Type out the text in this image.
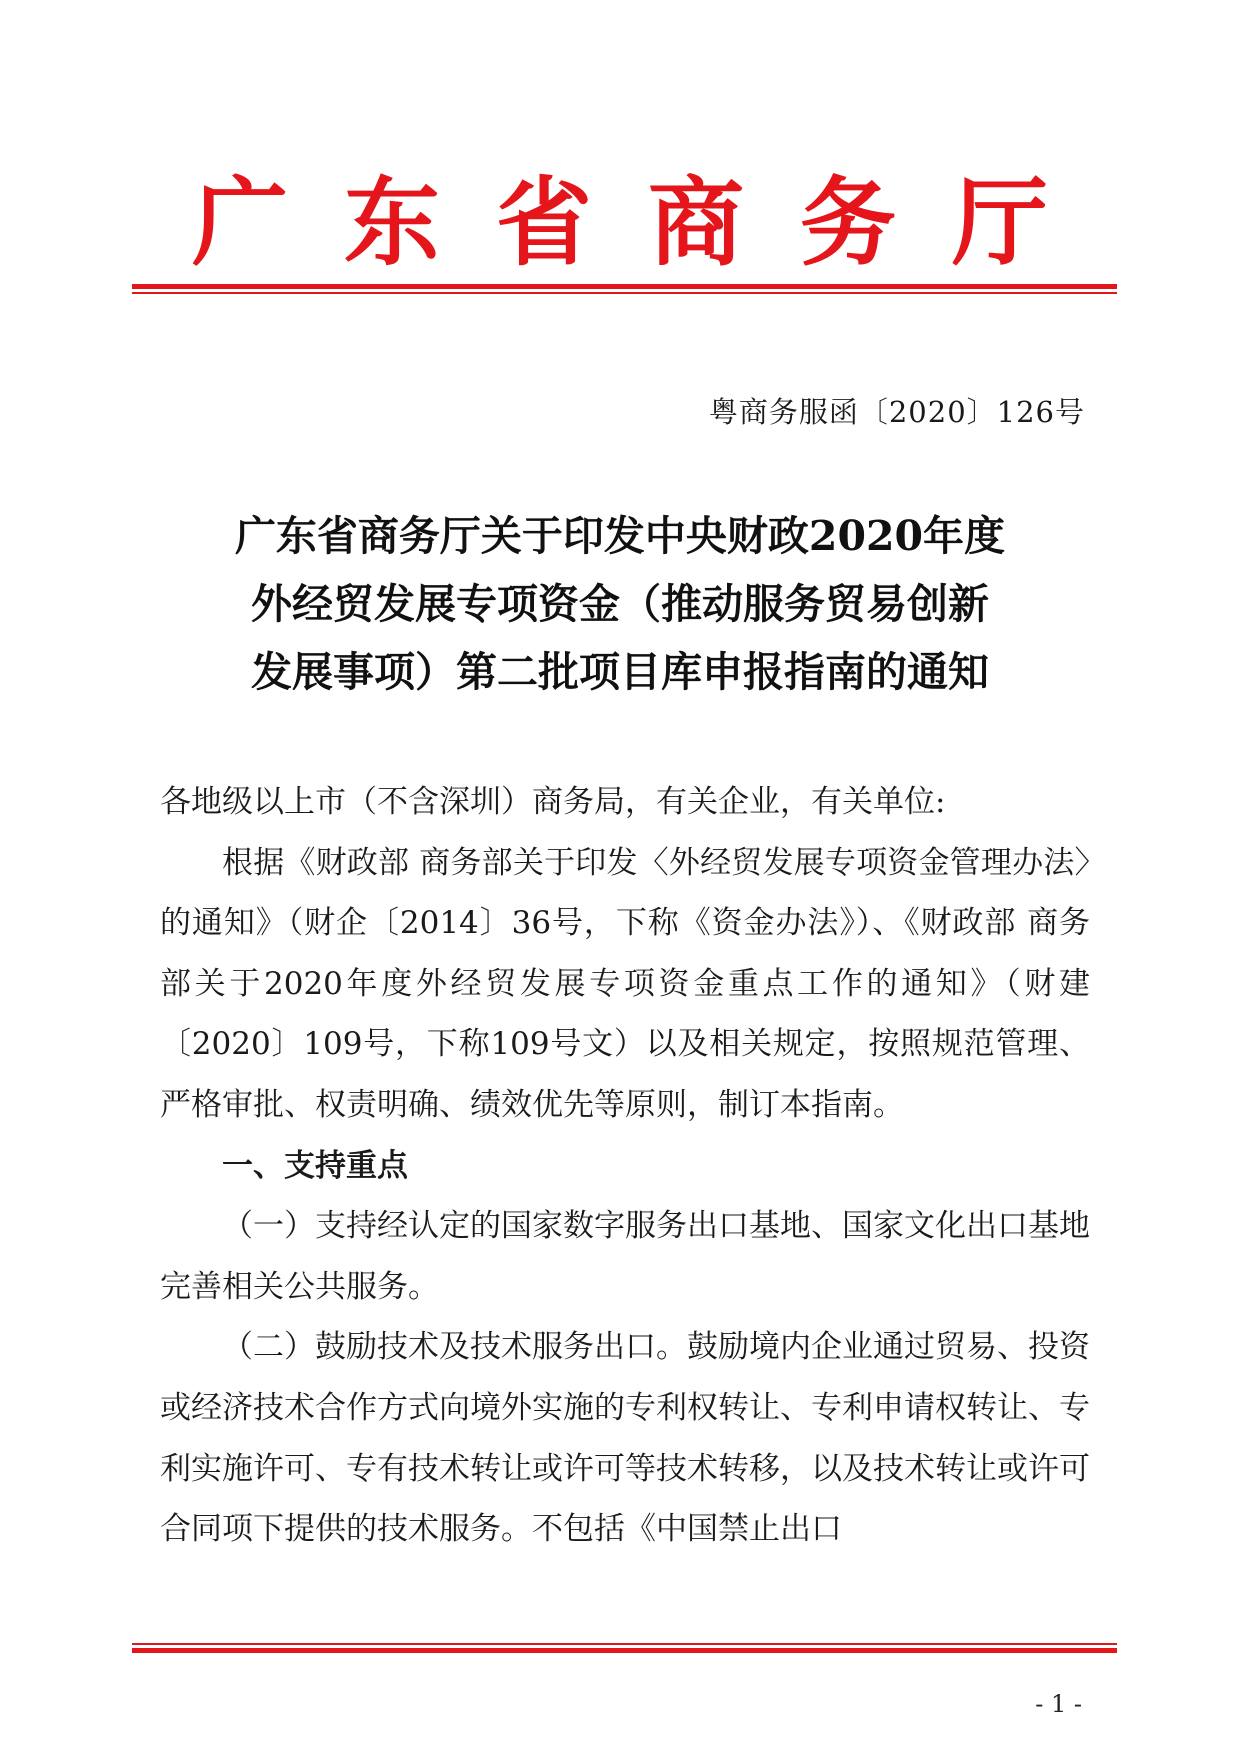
广东省商务厅
粤商务服函〔2020〕126号
广东省商务厅关于印发中央财政2020年度
外经贸发展专项资金（推动服务贸易创新
发展事项）第二批项目库申报指南的通知

各地级以上市（不含深圳）商务局，有关企业，有关单位:

根据《财政部 商务部关于印发〈外经贸发展专项资金管理办法〉的通知》（财企〔2014〕36号，下称《资金办法》）、《财政部 商务部关于2020年度外经贸发展专项资金重点工作的通知》（财建〔2020〕109号，下称109号文）以及相关规定，按照规范管理、严格审批、权责明确、绩效优先等原则，制订本指南。

一、支持重点

（一）支持经认定的国家数字服务出口基地、国家文化出口基地完善相关公共服务。

（二）鼓励技术及技术服务出口。鼓励境内企业通过贸易、投资或经济技术合作方式向境外实施的专利权转让、专利申请权转让、专利实施许可、专有技术转让或许可等技术转移，以及技术转让或许可合同项下提供的技术服务。不包括《中国禁止出口

- 1 -
